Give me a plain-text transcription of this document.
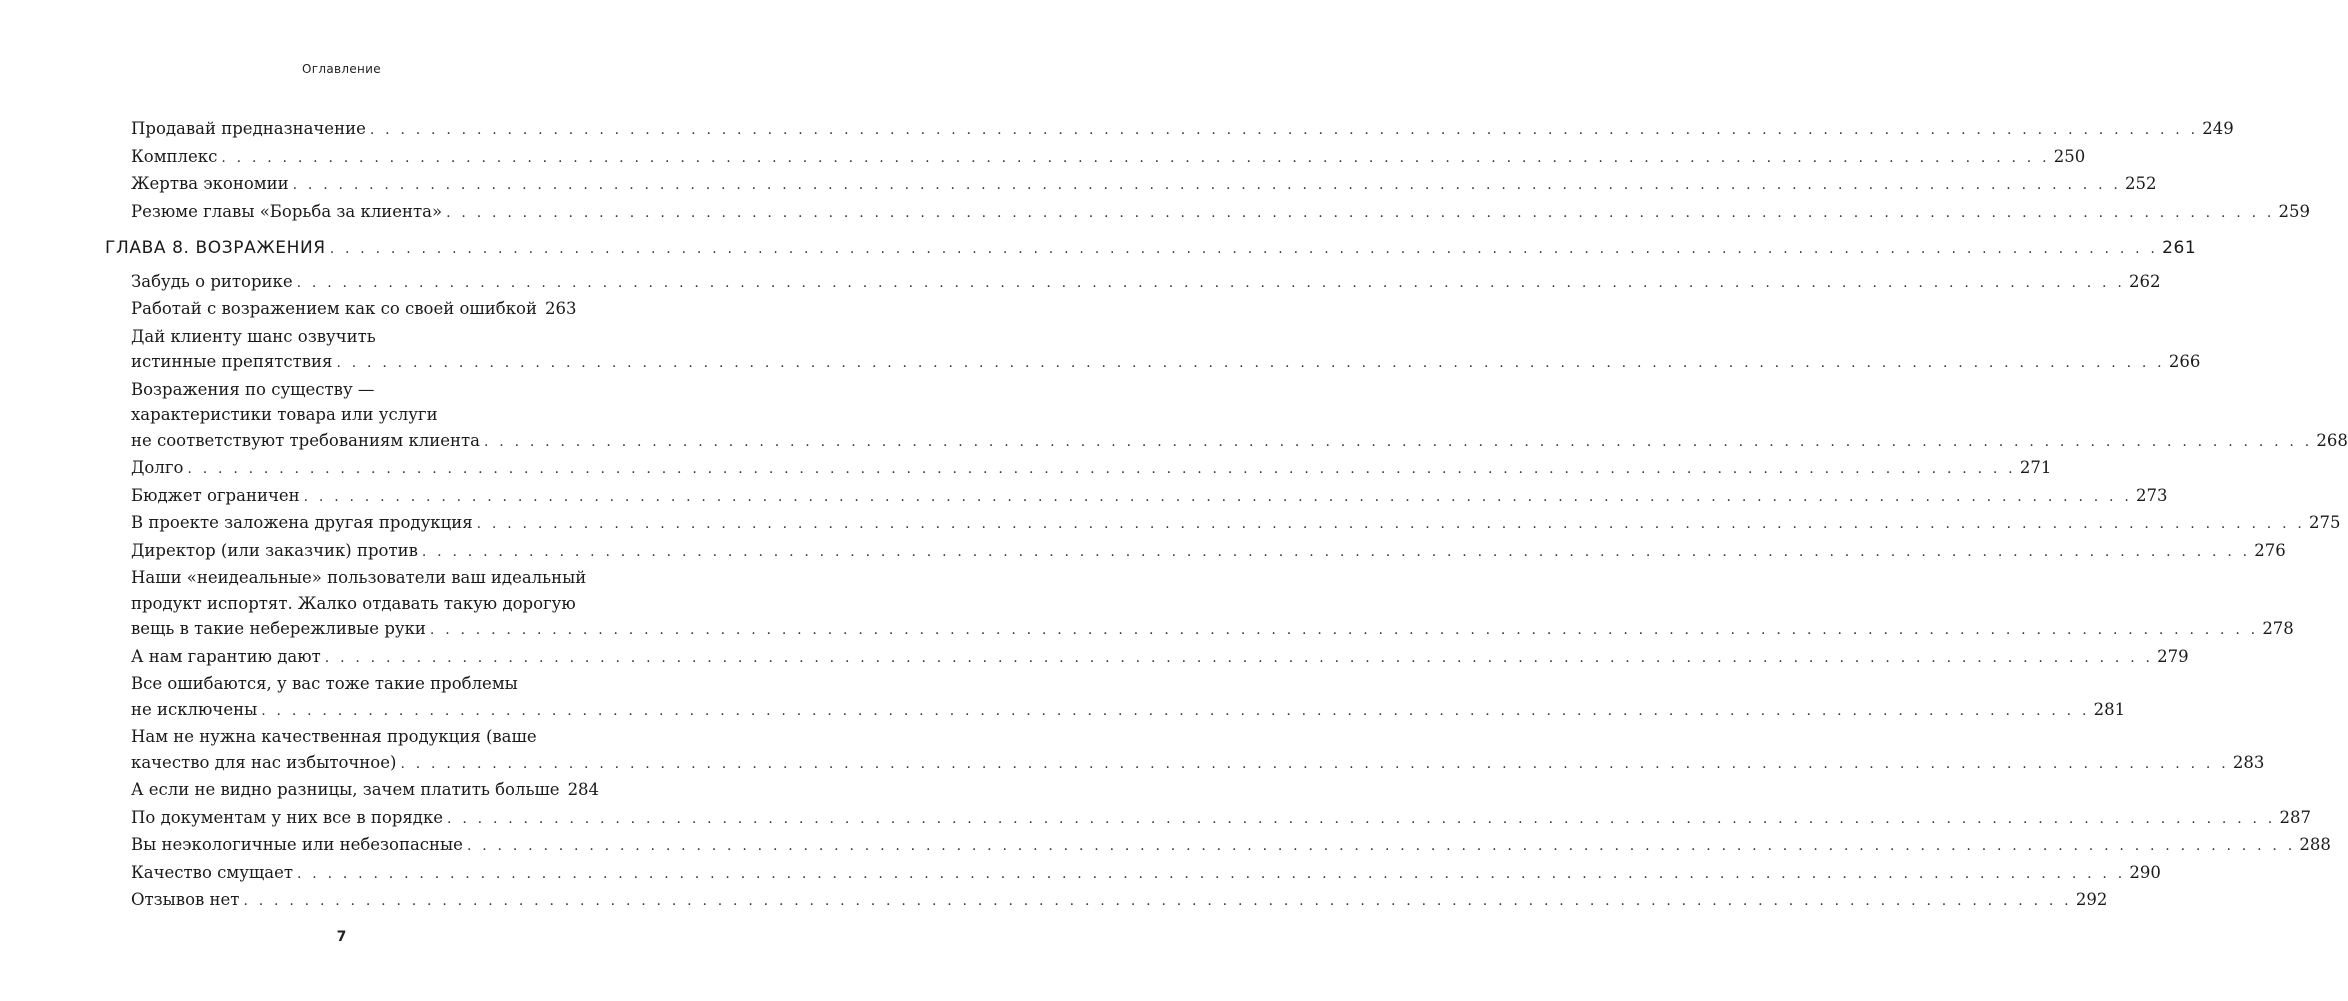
Оглавление
Продавай предназначение . . . . . . . . . . . . . . . . . . . . . . . . . . . . . . . . . . . . . . . . . . . . . . . . . . . . . . . . . . . . . . . . . . . . . . . . . . . . . . . . . . . . . . . . . . . . . . . . . . . . . . . . . . . . . . . . . . . . . . . . 249
Комплекс . . . . . . . . . . . . . . . . . . . . . . . . . . . . . . . . . . . . . . . . . . . . . . . . . . . . . . . . . . . . . . . . . . . . . . . . . . . . . . . . . . . . . . . . . . . . . . . . . . . . . . . . . . . . . . . . . . . . . . . . 250
Жертва экономии . . . . . . . . . . . . . . . . . . . . . . . . . . . . . . . . . . . . . . . . . . . . . . . . . . . . . . . . . . . . . . . . . . . . . . . . . . . . . . . . . . . . . . . . . . . . . . . . . . . . . . . . . . . . . . . . . . . . . . . . 252
Резюме главы «Борьба за клиента» . . . . . . . . . . . . . . . . . . . . . . . . . . . . . . . . . . . . . . . . . . . . . . . . . . . . . . . . . . . . . . . . . . . . . . . . . . . . . . . . . . . . . . . . . . . . . . . . . . . . . . . . . . . . . . . . . . . . . . . . 259
ГЛАВА 8. ВОЗРАЖЕНИЯ . . . . . . . . . . . . . . . . . . . . . . . . . . . . . . . . . . . . . . . . . . . . . . . . . . . . . . . . . . . . . . . . . . . . . . . . . . . . . . . . . . . . . . . . . . . . . . . . . . . . . . . . . . . . . . . . . . . . . . . . 261
Забудь о риторике . . . . . . . . . . . . . . . . . . . . . . . . . . . . . . . . . . . . . . . . . . . . . . . . . . . . . . . . . . . . . . . . . . . . . . . . . . . . . . . . . . . . . . . . . . . . . . . . . . . . . . . . . . . . . . . . . . . . . . . . 262
Работай с возражением как со своей ошибкой 263
Дай клиенту шанс озвучить
истинные препятствия . . . . . . . . . . . . . . . . . . . . . . . . . . . . . . . . . . . . . . . . . . . . . . . . . . . . . . . . . . . . . . . . . . . . . . . . . . . . . . . . . . . . . . . . . . . . . . . . . . . . . . . . . . . . . . . . . . . . . . . . 266
Возражения по существу —
характеристики товара или услуги
не соответствуют требованиям клиента . . . . . . . . . . . . . . . . . . . . . . . . . . . . . . . . . . . . . . . . . . . . . . . . . . . . . . . . . . . . . . . . . . . . . . . . . . . . . . . . . . . . . . . . . . . . . . . . . . . . . . . . . . . . . . . . . . . . . . . . 268
Долго . . . . . . . . . . . . . . . . . . . . . . . . . . . . . . . . . . . . . . . . . . . . . . . . . . . . . . . . . . . . . . . . . . . . . . . . . . . . . . . . . . . . . . . . . . . . . . . . . . . . . . . . . . . . . . . . . . . . . . . . 271
Бюджет ограничен . . . . . . . . . . . . . . . . . . . . . . . . . . . . . . . . . . . . . . . . . . . . . . . . . . . . . . . . . . . . . . . . . . . . . . . . . . . . . . . . . . . . . . . . . . . . . . . . . . . . . . . . . . . . . . . . . . . . . . . . 273
В проекте заложена другая продукция . . . . . . . . . . . . . . . . . . . . . . . . . . . . . . . . . . . . . . . . . . . . . . . . . . . . . . . . . . . . . . . . . . . . . . . . . . . . . . . . . . . . . . . . . . . . . . . . . . . . . . . . . . . . . . . . . . . . . . . . 275
Директор (или заказчик) против . . . . . . . . . . . . . . . . . . . . . . . . . . . . . . . . . . . . . . . . . . . . . . . . . . . . . . . . . . . . . . . . . . . . . . . . . . . . . . . . . . . . . . . . . . . . . . . . . . . . . . . . . . . . . . . . . . . . . . . . 276
Наши «неидеальные» пользователи ваш идеальный
продукт испортят. Жалко отдавать такую дорогую
вещь в такие небережливые руки . . . . . . . . . . . . . . . . . . . . . . . . . . . . . . . . . . . . . . . . . . . . . . . . . . . . . . . . . . . . . . . . . . . . . . . . . . . . . . . . . . . . . . . . . . . . . . . . . . . . . . . . . . . . . . . . . . . . . . . . 278
А нам гарантию дают . . . . . . . . . . . . . . . . . . . . . . . . . . . . . . . . . . . . . . . . . . . . . . . . . . . . . . . . . . . . . . . . . . . . . . . . . . . . . . . . . . . . . . . . . . . . . . . . . . . . . . . . . . . . . . . . . . . . . . . . 279
Все ошибаются, у вас тоже такие проблемы
не исключены . . . . . . . . . . . . . . . . . . . . . . . . . . . . . . . . . . . . . . . . . . . . . . . . . . . . . . . . . . . . . . . . . . . . . . . . . . . . . . . . . . . . . . . . . . . . . . . . . . . . . . . . . . . . . . . . . . . . . . . . 281
Нам не нужна качественная продукция (ваше
качество для нас избыточное) . . . . . . . . . . . . . . . . . . . . . . . . . . . . . . . . . . . . . . . . . . . . . . . . . . . . . . . . . . . . . . . . . . . . . . . . . . . . . . . . . . . . . . . . . . . . . . . . . . . . . . . . . . . . . . . . . . . . . . . . 283
А если не видно разницы, зачем платить больше 284
По документам у них все в порядке . . . . . . . . . . . . . . . . . . . . . . . . . . . . . . . . . . . . . . . . . . . . . . . . . . . . . . . . . . . . . . . . . . . . . . . . . . . . . . . . . . . . . . . . . . . . . . . . . . . . . . . . . . . . . . . . . . . . . . . . 287
Вы неэкологичные или небезопасные . . . . . . . . . . . . . . . . . . . . . . . . . . . . . . . . . . . . . . . . . . . . . . . . . . . . . . . . . . . . . . . . . . . . . . . . . . . . . . . . . . . . . . . . . . . . . . . . . . . . . . . . . . . . . . . . . . . . . . . . 288
Качество смущает . . . . . . . . . . . . . . . . . . . . . . . . . . . . . . . . . . . . . . . . . . . . . . . . . . . . . . . . . . . . . . . . . . . . . . . . . . . . . . . . . . . . . . . . . . . . . . . . . . . . . . . . . . . . . . . . . . . . . . . . 290
Отзывов нет . . . . . . . . . . . . . . . . . . . . . . . . . . . . . . . . . . . . . . . . . . . . . . . . . . . . . . . . . . . . . . . . . . . . . . . . . . . . . . . . . . . . . . . . . . . . . . . . . . . . . . . . . . . . . . . . . . . . . . . . 292
7
